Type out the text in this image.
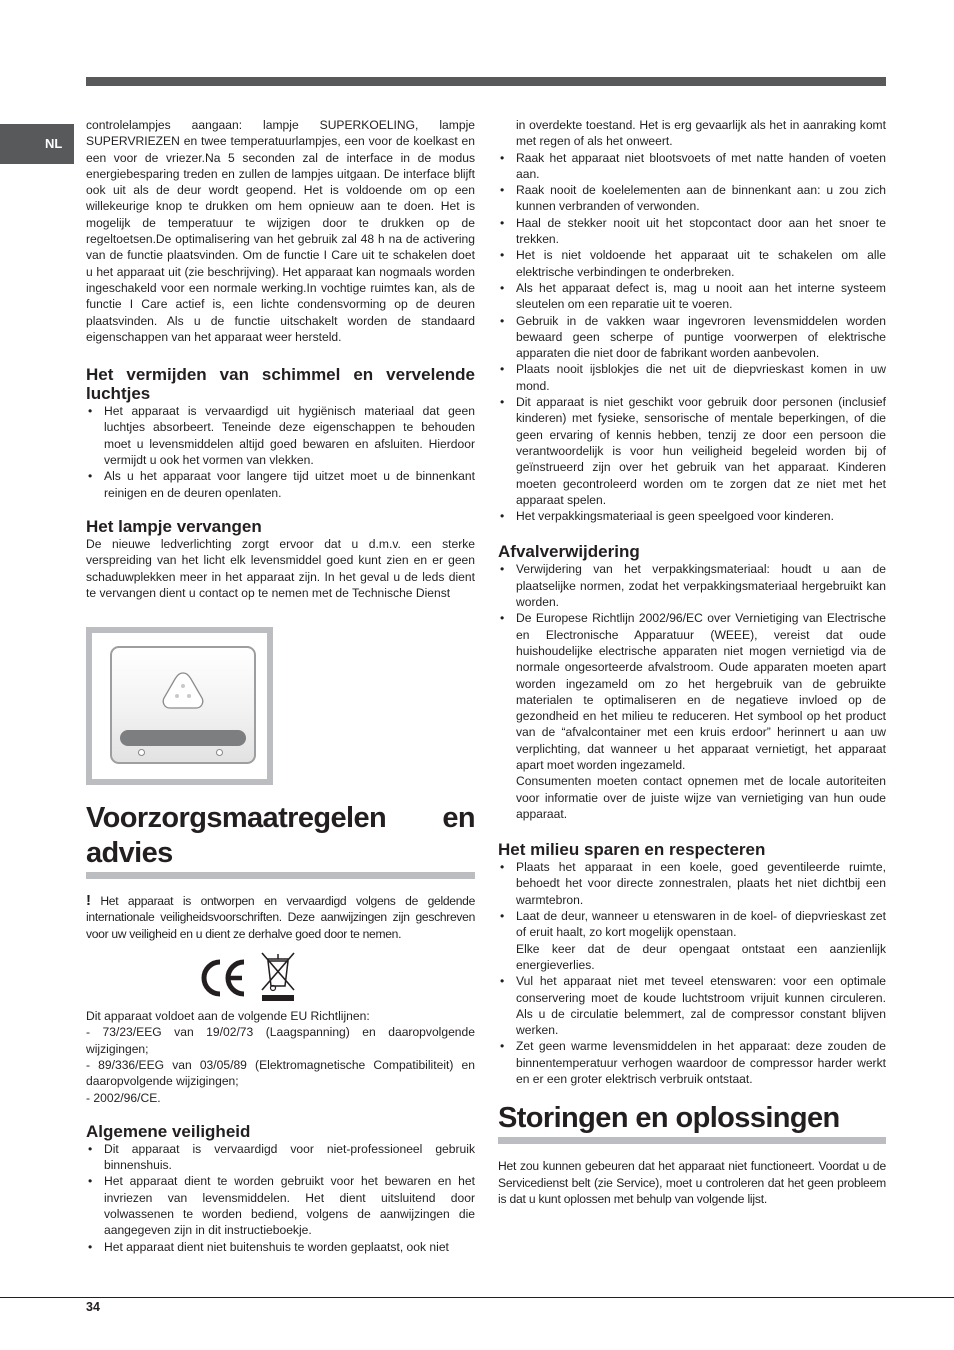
NL

controlelampjes aangaan: lampje SUPERKOELING, lampje SUPERVRIEZEN en twee temperatuurlampjes, een voor de koelkast en een voor de vriezer.Na 5 seconden zal de interface in de modus energiebesparing treden en zullen de lampjes uitgaan. De interface blijft ook uit als de deur wordt geopend. Het is voldoende om op een willekeurige knop te drukken om hem opnieuw aan te doen. Het is mogelijk de temperatuur te wijzigen door te drukken op de regeltoetsen.De optimalisering van het gebruik zal 48 h na de activering van de functie plaatsvinden. Om de functie I Care uit te schakelen doet u het apparaat uit (zie beschrijving). Het apparaat kan nogmaals worden ingeschakeld voor een normale werking.In vochtige ruimtes kan, als de functie I Care actief is, een lichte condensvorming op de deuren plaatsvinden. Als u de functie uitschakelt worden de standaard eigenschappen van het apparaat weer hersteld.

Het vermijden van schimmel en vervelende luchtjes
• Het apparaat is vervaardigd uit hygiënisch materiaal dat geen luchtjes absorbeert. Teneinde deze eigenschappen te behouden moet u levensmiddelen altijd goed bewaren en afsluiten. Hierdoor vermijdt u ook het vormen van vlekken.
• Als u het apparaat voor langere tijd uitzet moet u de binnenkant reinigen en de deuren openlaten.
Het lampje vervangen

De nieuwe ledverlichting zorgt ervoor dat u d.m.v. een sterke verspreiding van het licht elk levensmiddel goed kunt zien en er geen schaduwplekken meer in het apparaat zijn. In het geval u de leds dient te vervangen dient u contact op te nemen met de Technische Dienst

Voorzorgsmaatregelen en advies

! Het apparaat is ontworpen en vervaardigd volgens de geldende internationale veiligheidsvoorschriften. Deze aanwijzingen zijn geschreven voor uw veiligheid en u dient ze derhalve goed door te nemen.

Dit apparaat voldoet aan de volgende EU Richtlijnen:

- 73/23/EEG van 19/02/73 (Laagspanning) en daaropvolgende wijzigingen;

- 89/336/EEG van 03/05/89 (Elektromagnetische Compatibiliteit) en daaropvolgende wijzigingen;

- 2002/96/CE.

Algemene veiligheid
• Dit apparaat is vervaardigd voor niet-professioneel gebruik binnenshuis.
• Het apparaat dient te worden gebruikt voor het bewaren en het invriezen van levensmiddelen. Het dient uitsluitend door volwassenen te worden bediend, volgens de aanwijzingen die aangegeven zijn in dit instructieboekje.
• Het apparaat dient niet buitenshuis te worden geplaatst, ook niet

in overdekte toestand. Het is erg gevaarlijk als het in aanraking komt met regen of als het onweert.

• Raak het apparaat niet blootsvoets of met natte handen of voeten aan.
• Raak nooit de koelelementen aan de binnenkant aan: u zou zich kunnen verbranden of verwonden.
• Haal de stekker nooit uit het stopcontact door aan het snoer te trekken.
• Het is niet voldoende het apparaat uit te schakelen om alle elektrische verbindingen te onderbreken.
• Als het apparaat defect is, mag u nooit aan het interne systeem sleutelen om een reparatie uit te voeren.
• Gebruik in de vakken waar ingevroren levensmiddelen worden bewaard geen scherpe of puntige voorwerpen of elektrische apparaten die niet door de fabrikant worden aanbevolen.
• Plaats nooit ijsblokjes die net uit de diepvrieskast komen in uw mond.
• Dit apparaat is niet geschikt voor gebruik door personen (inclusief kinderen) met fysieke, sensorische of mentale beperkingen, of die geen ervaring of kennis hebben, tenzij ze door een persoon die verantwoordelijk is voor hun veiligheid begeleid worden bij of geïnstrueerd zijn over het gebruik van het apparaat. Kinderen moeten gecontroleerd worden om te zorgen dat ze niet met het apparaat spelen.
• Het verpakkingsmateriaal is geen speelgoed voor kinderen.
Afvalverwijdering
• Verwijdering van het verpakkingsmateriaal: houdt u aan de plaatselijke normen, zodat het verpakkingsmateriaal hergebruikt kan worden.
• De Europese Richtlijn 2002/96/EC over Vernietiging van Electrische en Electronische Apparatuur (WEEE), vereist dat oude huishoudelijke electrische apparaten niet mogen vernietigd via de normale ongesorteerde afvalstroom. Oude apparaten moeten apart worden ingezameld om zo het hergebruik van de gebruikte materialen te optimaliseren en de negatieve invloed op de gezondheid en het milieu te reduceren. Het symbool op het product van de “afvalcontainer met een kruis erdoor” herinnert u aan uw verplichting, dat wanneer u het apparaat vernietigt, het apparaat apart moet worden ingezameld.

Consumenten moeten contact opnemen met de locale autoriteiten voor informatie over de juiste wijze van vernietiging van hun oude apparaat.

Het milieu sparen en respecteren
• Plaats het apparaat in een koele, goed geventileerde ruimte, behoedt het voor directe zonnestralen, plaats het niet dichtbij een warmtebron.
• Laat de deur, wanneer u etenswaren in de koel- of diepvrieskast zet of eruit haalt, zo kort mogelijk openstaan.

Elke keer dat de deur opengaat ontstaat een aanzienlijk energieverlies.

• Vul het apparaat niet met teveel etenswaren: voor een optimale conservering moet de koude luchtstroom vrijuit kunnen circuleren. Als u de circulatie belemmert, zal de compressor constant blijven werken.
• Zet geen warme levensmiddelen in het apparaat: deze zouden de binnentemperatuur verhogen waardoor de compressor harder werkt en er een groter elektrisch verbruik ontstaat.
Storingen en oplossingen

Het zou kunnen gebeuren dat het apparaat niet functioneert. Voordat u de Servicedienst belt (zie Service), moet u controleren dat het geen probleem is dat u kunt oplossen met behulp van volgende lijst.

34
